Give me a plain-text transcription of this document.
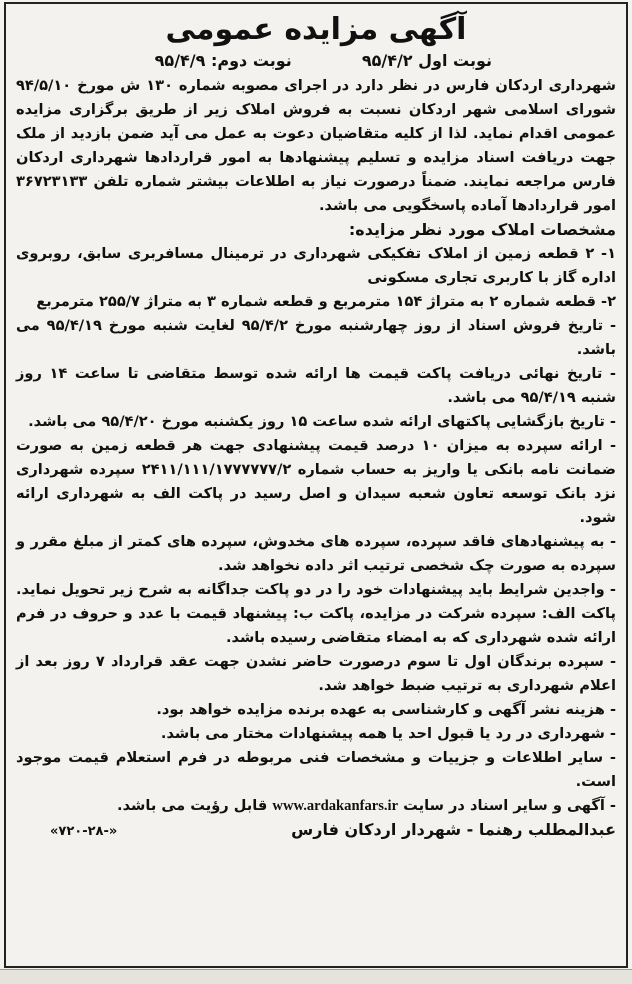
آگهی مزایده عمومی
نوبت اول ۹۵/۴/۲
نوبت دوم: ۹۵/۴/۹

شهرداری اردکان فارس در نظر دارد در اجرای مصوبه شماره ۱۳۰ ش مورخ ۹۴/۵/۱۰ شورای اسلامی شهر اردکان نسبت به فروش املاک زیر از طریق برگزاری مزایده عمومی اقدام نماید. لذا از کلیه متقاضیان دعوت به عمل می آید ضمن بازدید از ملک جهت دریافت اسناد مزایده و تسلیم پیشنهادها به امور قراردادها شهرداری اردکان فارس مراجعه نمایند. ضمناً درصورت نیاز به اطلاعات بیشتر شماره تلفن ۳۶۷۲۳۱۳۳ امور قراردادها آماده پاسخگویی می باشد.

مشخصات املاک مورد نظر مزایده:

۱- ۲ قطعه زمین از املاک تفکیکی شهرداری در ترمینال مسافربری سابق، روبروی اداره گاز با کاربری تجاری مسکونی

۲- قطعه شماره ۲ به متراژ ۱۵۴ مترمربع و قطعه شماره ۳ به متراژ ۲۵۵/۷ مترمربع

- تاریخ فروش اسناد از روز چهارشنبه مورخ ۹۵/۴/۲ لغایت شنبه مورخ ۹۵/۴/۱۹ می باشد.

- تاریخ نهائی دریافت پاکت قیمت ها ارائه شده توسط متقاضی تا ساعت ۱۴ روز شنبه ۹۵/۴/۱۹ می باشد.

- تاریخ بازگشایی پاکتهای ارائه شده ساعت ۱۵ روز یکشنبه مورخ ۹۵/۴/۲۰ می باشد.

- ارائه سپرده به میزان ۱۰ درصد قیمت پیشنهادی جهت هر قطعه زمین به صورت ضمانت نامه بانکی یا واریز به حساب شماره ۲۴۱۱/۱۱۱/۱۷۷۷۷۷۷/۲ سپرده شهرداری نزد بانک توسعه تعاون شعبه سیدان و اصل رسید در پاکت الف به شهرداری ارائه شود.

- به پیشنهادهای فاقد سپرده، سپرده های مخدوش، سپرده های کمتر از مبلغ مقرر و سپرده به صورت چک شخصی ترتیب اثر داده نخواهد شد.

- واجدین شرایط باید پیشنهادات خود را در دو پاکت جداگانه به شرح زیر تحویل نماید. پاکت الف: سپرده شرکت در مزایده، پاکت ب: پیشنهاد قیمت با عدد و حروف در فرم ارائه شده شهرداری که به امضاء متقاضی رسیده باشد.

- سپرده برندگان اول تا سوم درصورت حاضر نشدن جهت عقد قرارداد ۷ روز بعد از اعلام شهرداری به ترتیب ضبط خواهد شد.

- هزینه نشر آگهی و کارشناسی به عهده برنده مزایده خواهد بود.

- شهرداری در رد یا قبول احد یا همه پیشنهادات مختار می باشد.

- سایر اطلاعات و جزییات و مشخصات فنی مربوطه در فرم استعلام قیمت موجود است.

- آگهی و سایر اسناد در سایت www.ardakanfars.ir قابل رؤیت می باشد.

عبدالمطلب رهنما - شهردار اردکان فارس
«۷۲۰-۲۸-»
